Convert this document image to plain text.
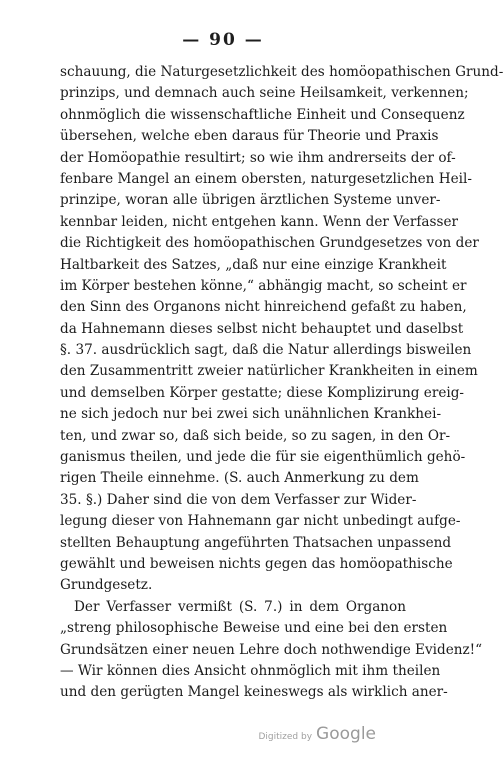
— 90 —
schauung, die Naturgesetzlichkeit des homöopathischen Grund-
prinzips, und demnach auch seine Heilsamkeit, verkennen;
ohnmöglich die wissenschaftliche Einheit und Consequenz
übersehen, welche eben daraus für Theorie und Praxis
der Homöopathie resultirt; so wie ihm andrerseits der of-
fenbare Mangel an einem obersten, naturgesetzlichen Heil-
prinzipe, woran alle übrigen ärztlichen Systeme unver-
kennbar leiden, nicht entgehen kann. Wenn der Verfasser
die Richtigkeit des homöopathischen Grundgesetzes von der
Haltbarkeit des Satzes, „daß nur eine einzige Krankheit
im Körper bestehen könne,“ abhängig macht, so scheint er
den Sinn des Organons nicht hinreichend gefaßt zu haben,
da Hahnemann dieses selbst nicht behauptet und daselbst
§. 37. ausdrücklich sagt, daß die Natur allerdings bisweilen
den Zusammentritt zweier natürlicher Krankheiten in einem
und demselben Körper gestatte; diese Komplizirung ereig-
ne sich jedoch nur bei zwei sich unähnlichen Krankhei-
ten, und zwar so, daß sich beide, so zu sagen, in den Or-
ganismus theilen, und jede die für sie eigenthümlich gehö-
rigen Theile einnehme. (S. auch Anmerkung zu dem
35. §.) Daher sind die von dem Verfasser zur Wider-
legung dieser von Hahnemann gar nicht unbedingt aufge-
stellten Behauptung angeführten Thatsachen unpassend
gewählt und beweisen nichts gegen das homöopathische
Grundgesetz.
Der Verfasser vermißt (S. 7.) in dem Organon
„streng philosophische Beweise und eine bei den ersten
Grundsätzen einer neuen Lehre doch nothwendige Evidenz!“
— Wir können dies Ansicht ohnmöglich mit ihm theilen
und den gerügten Mangel keineswegs als wirklich aner-
Digitized by Google
